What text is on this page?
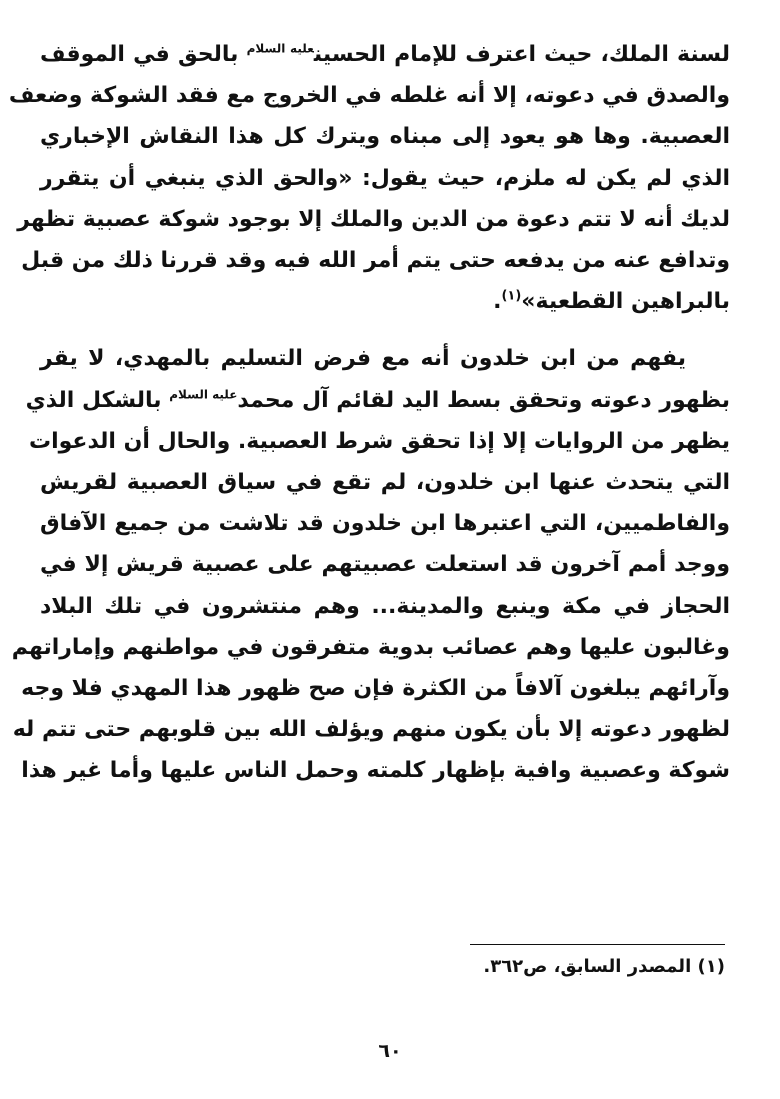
لسنة الملك، حيث اعترف للإمام الحسين$^{عليه السلام}$ بالحق في الموقف
والصدق في دعوته، إلا أنه غلطه في الخروج مع فقد الشوكة وضعف
العصبية. وها هو يعود إلى مبناه ويترك كل هذا النقاش الإخباري
الذي لم يكن له ملزم، حيث يقول: «والحق الذي ينبغي أن يتقرر
لديك أنه لا تتم دعوة من الدين والملك إلا بوجود شوكة عصبية تظهر
وتدافع عنه من يدفعه حتى يتم أمر الله فيه وقد قررنا ذلك من قبل
بالبراهين القطعية»$^{(١)}$.

يفهم من ابن خلدون أنه مع فرض التسليم بالمهدي، لا يقر
بظهور دعوته وتحقق بسط اليد لقائم آل محمد$^{عليه السلام}$ بالشكل الذي
يظهر من الروايات إلا إذا تحقق شرط العصبية. والحال أن الدعوات
التي يتحدث عنها ابن خلدون، لم تقع في سياق العصبية لقريش
والفاطميين، التي اعتبرها ابن خلدون قد تلاشت من جميع الآفاق
ووجد أمم آخرون قد استعلت عصبيتهم على عصبية قريش إلا في
الحجاز في مكة وينبع والمدينة... وهم منتشرون في تلك البلاد
وغالبون عليها وهم عصائب بدوية متفرقون في مواطنهم وإماراتهم
وآرائهم يبلغون آلافاً من الكثرة فإن صح ظهور هذا المهدي فلا وجه
لظهور دعوته إلا بأن يكون منهم ويؤلف الله بين قلوبهم حتى تتم له
شوكة وعصبية وافية بإظهار كلمته وحمل الناس عليها وأما غير هذا

(١) المصدر السابق، ص٣٦٢.
٦٠
